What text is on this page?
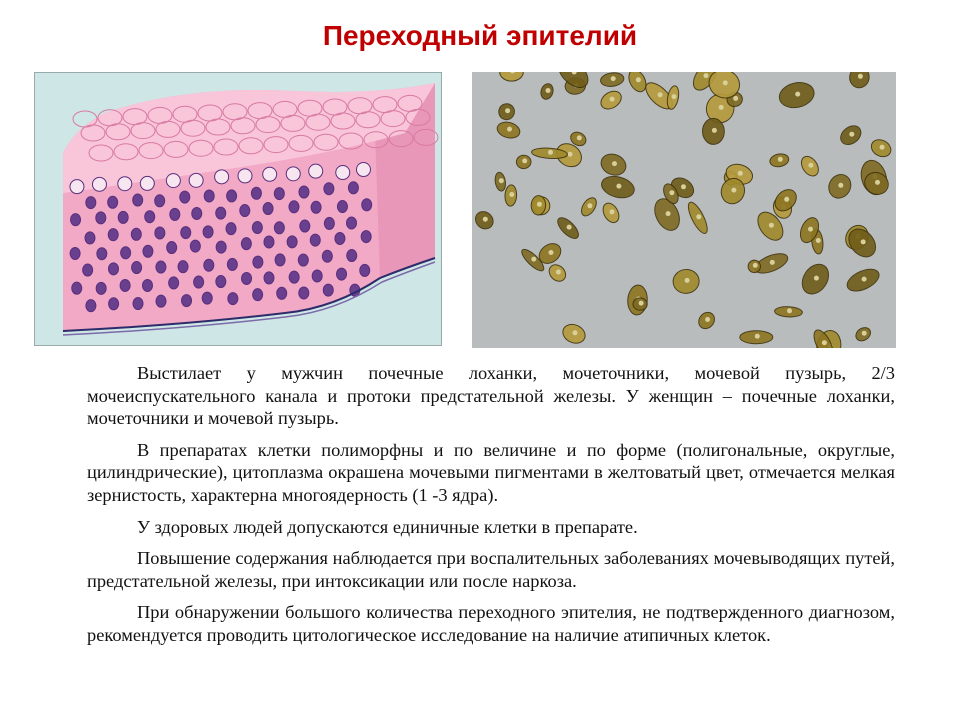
Переходный эпителий

Выстилает у мужчин почечные лоханки, мочеточники, мочевой пузырь, 2/3 мочеиспускательного канала и протоки предстательной железы. У женщин – почечные лоханки, мочеточники и мочевой пузырь.

В препаратах клетки полиморфны и по величине и по форме (полигональные, округлые, цилиндрические), цитоплазма окрашена мочевыми пигментами в желтоватый цвет, отмечается мелкая зернистость, характерна многоядерность (1 -3 ядра).

У здоровых людей допускаются единичные клетки в препарате.

Повышение содержания наблюдается при воспалительных заболеваниях мочевыводящих путей, предстательной железы, при интоксикации или после наркоза.

При обнаружении большого количества переходного эпителия, не подтвержденного диагнозом, рекомендуется проводить цитологическое исследование на наличие атипичных клеток.
